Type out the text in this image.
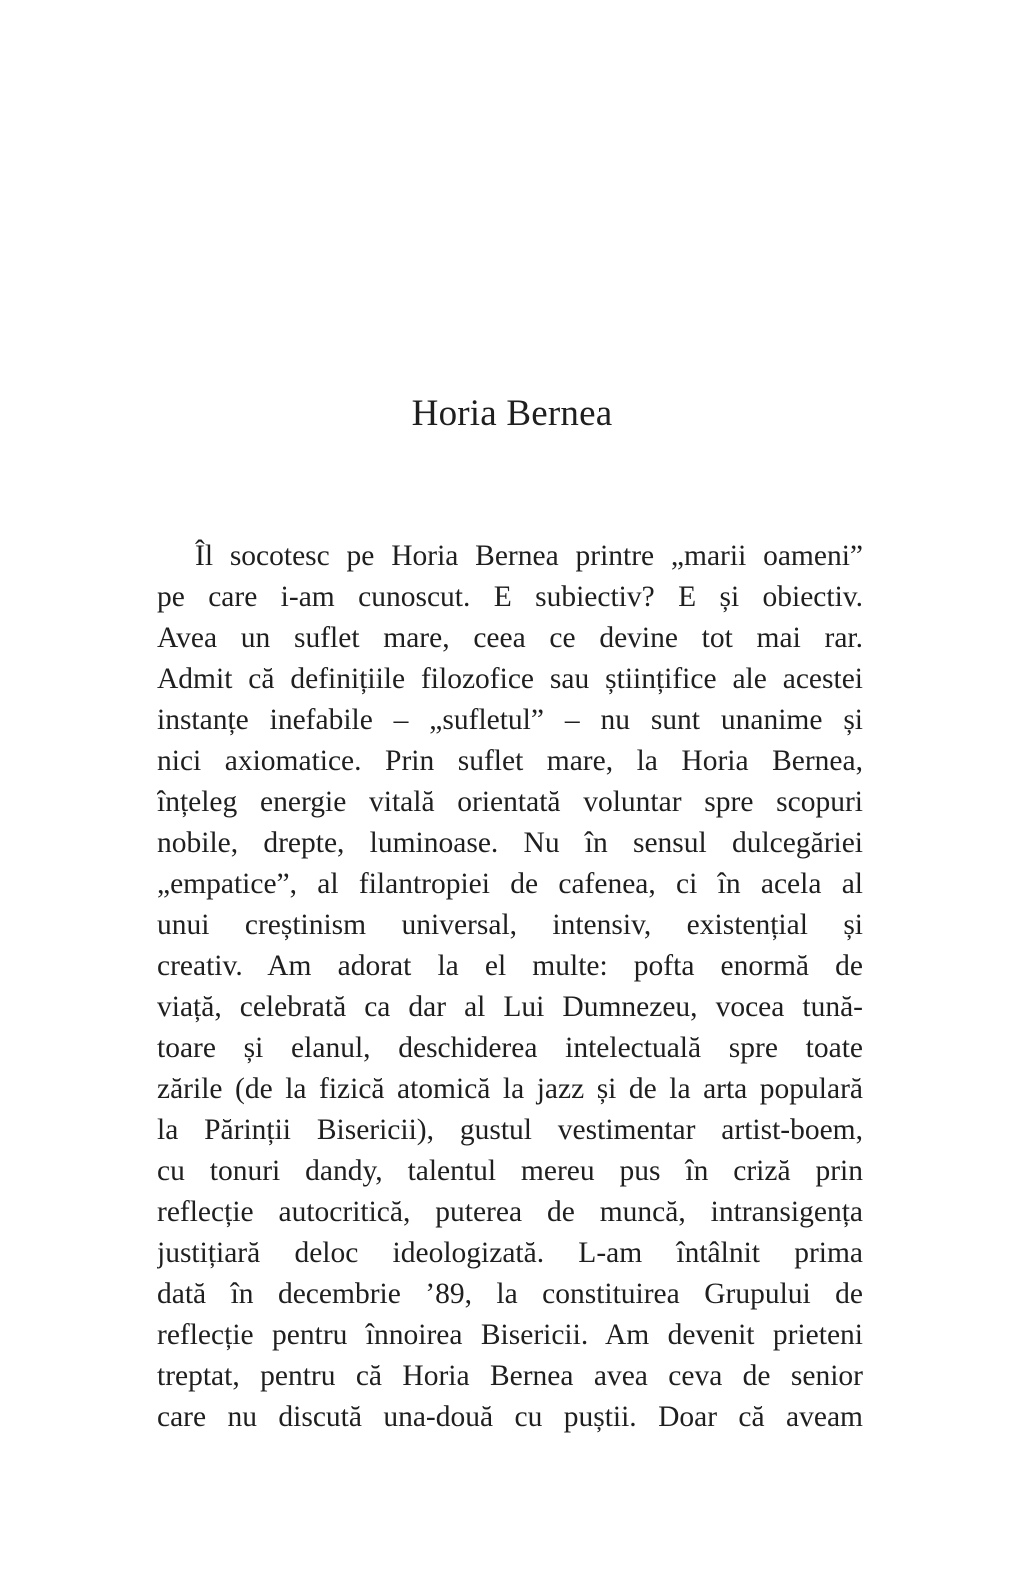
Horia Bernea
Îl socotesc pe Horia Bernea printre „marii oameni”
pe care i-am cunoscut. E subiectiv? E și obiectiv.
Avea un suflet mare, ceea ce devine tot mai rar.
Admit că definițiile filozofice sau științifice ale acestei
instanțe inefabile – „sufletul” – nu sunt unanime și
nici axiomatice. Prin suflet mare, la Horia Bernea,
înțeleg energie vitală orientată voluntar spre scopuri
nobile, drepte, luminoase. Nu în sensul dulcegăriei
„empatice”, al filantropiei de cafenea, ci în acela al
unui creștinism universal, intensiv, existențial și
creativ. Am adorat la el multe: pofta enormă de
viață, celebrată ca dar al Lui Dumnezeu, vocea tună-
toare și elanul, deschiderea intelectuală spre toate
zările (de la fizică atomică la jazz și de la arta populară
la Părinții Bisericii), gustul vestimentar artist-boem,
cu tonuri dandy, talentul mereu pus în criză prin
reflecție autocritică, puterea de muncă, intransigența
justițiară deloc ideologizată. L-am întâlnit prima
dată în decembrie ’89, la constituirea Grupului de
reflecție pentru înnoirea Bisericii. Am devenit prieteni
treptat, pentru că Horia Bernea avea ceva de senior
care nu discută una-două cu puștii. Doar că aveam
